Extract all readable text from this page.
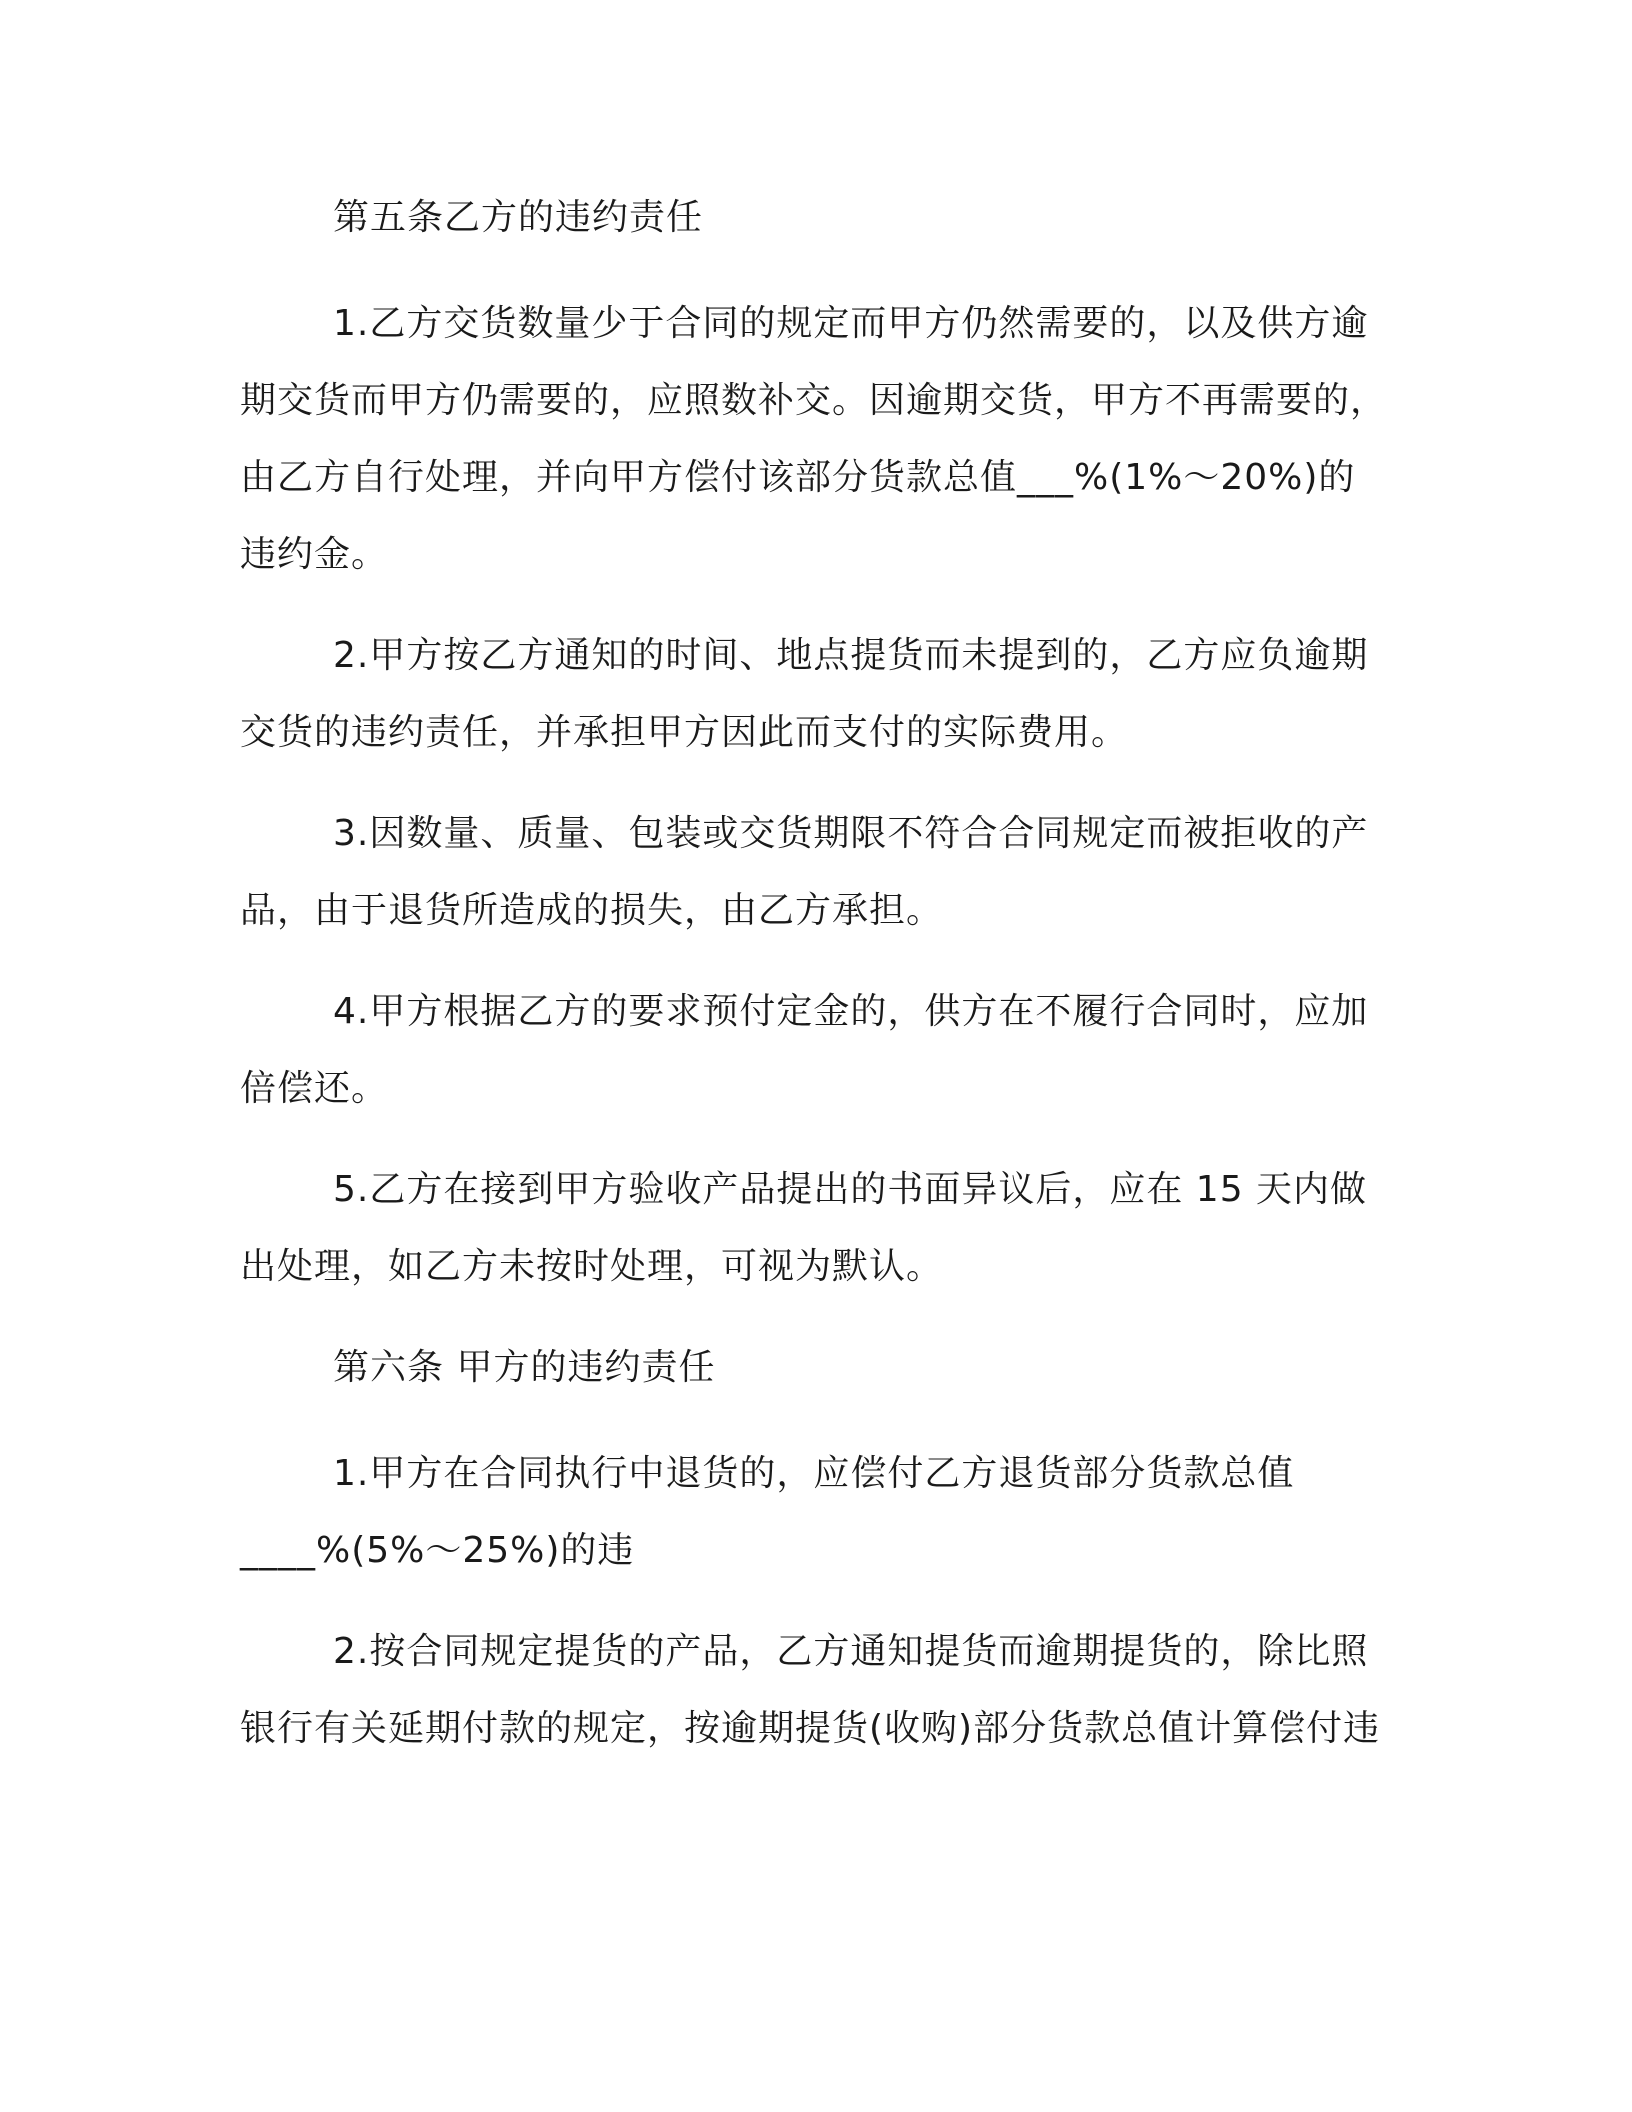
第五条乙方的违约责任
1.乙方交货数量少于合同的规定而甲方仍然需要的，以及供方逾
期交货而甲方仍需要的，应照数补交。因逾期交货，甲方不再需要的，
由乙方自行处理，并向甲方偿付该部分货款总值___%(1%～20%)的
违约金。
2.甲方按乙方通知的时间、地点提货而未提到的，乙方应负逾期
交货的违约责任，并承担甲方因此而支付的实际费用。
3.因数量、质量、包装或交货期限不符合合同规定而被拒收的产
品，由于退货所造成的损失，由乙方承担。
4.甲方根据乙方的要求预付定金的，供方在不履行合同时，应加
倍偿还。
5.乙方在接到甲方验收产品提出的书面异议后，应在 15 天内做
出处理，如乙方未按时处理，可视为默认。
第六条 甲方的违约责任
1.甲方在合同执行中退货的，应偿付乙方退货部分货款总值
____%(5%～25%)的违
2.按合同规定提货的产品，乙方通知提货而逾期提货的，除比照
银行有关延期付款的规定，按逾期提货(收购)部分货款总值计算偿付违
